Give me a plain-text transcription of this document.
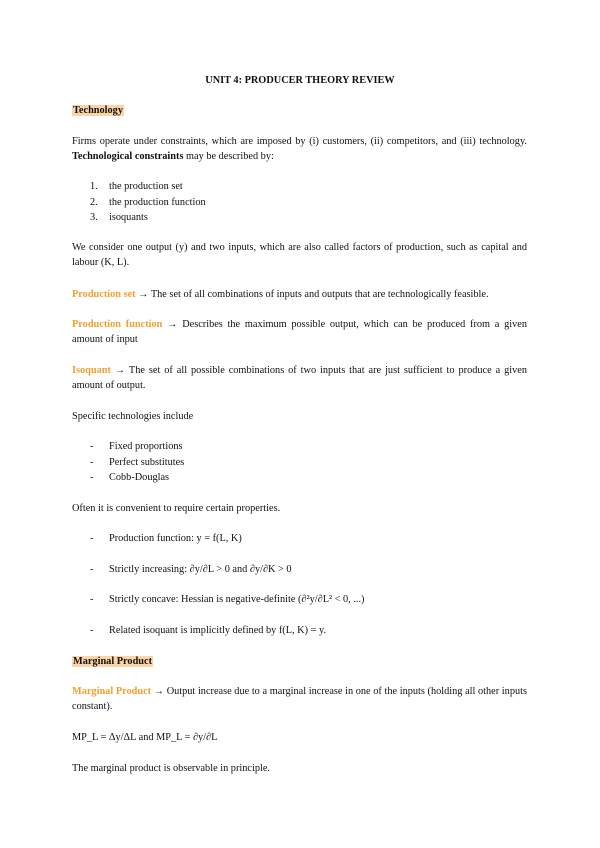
UNIT 4: PRODUCER THEORY REVIEW

Technology

Firms operate under constraints, which are imposed by (i) customers, (ii) competitors, and (iii) technology. Technological constraints may be described by:

1. the production set
2. the production function
3. isoquants

We consider one output (y) and two inputs, which are also called factors of production, such as capital and labour (K, L).

Production set → The set of all combinations of inputs and outputs that are technologically feasible.

Production function → Describes the maximum possible output, which can be produced from a given amount of input

Isoquant → The set of all possible combinations of two inputs that are just sufficient to produce a given amount of output.

Specific technologies include

- Fixed proportions
- Perfect substitutes
- Cobb-Douglas

Often it is convenient to require certain properties.

- Production function: y = f(L, K)
- Strictly increasing: ∂y/∂L > 0 and ∂y/∂K > 0
- Strictly concave: Hessian is negative-definite (∂²y/∂L² < 0, ...)
- Related isoquant is implicitly defined by f(L, K) = y.

Marginal Product

Marginal Product → Output increase due to a marginal increase in one of the inputs (holding all other inputs constant).

MP_L = Δy/ΔL and MP_L = ∂y/∂L

The marginal product is observable in principle.
